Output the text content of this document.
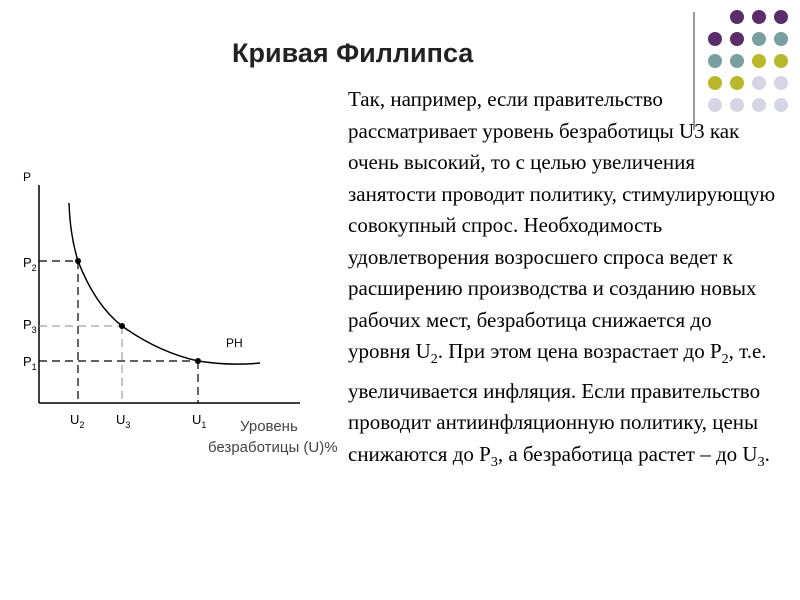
Кривая Филлипса
P
Уровень
безработицы (U)%
PH
$P_2$
$P_3$
$P_1$
$U_2$ $U_3$	$U_1$

Так, например, если правительство рассматривает уровень безработицы U3 как очень высокий, то с целью увеличения занятости проводит политику, стимулирующую совокупный спрос. Необходимость удовлетворения возросшего спроса ведет к расширению производства и созданию новых рабочих мест, безработица снижается до уровня $U_2$. При этом цена возрастает до $P_2$, т.е. увеличивается инфляция. Если правительство проводит антиинфляционную политику, цены снижаются до $P_3$, а безработица растет – до $U_3$.
